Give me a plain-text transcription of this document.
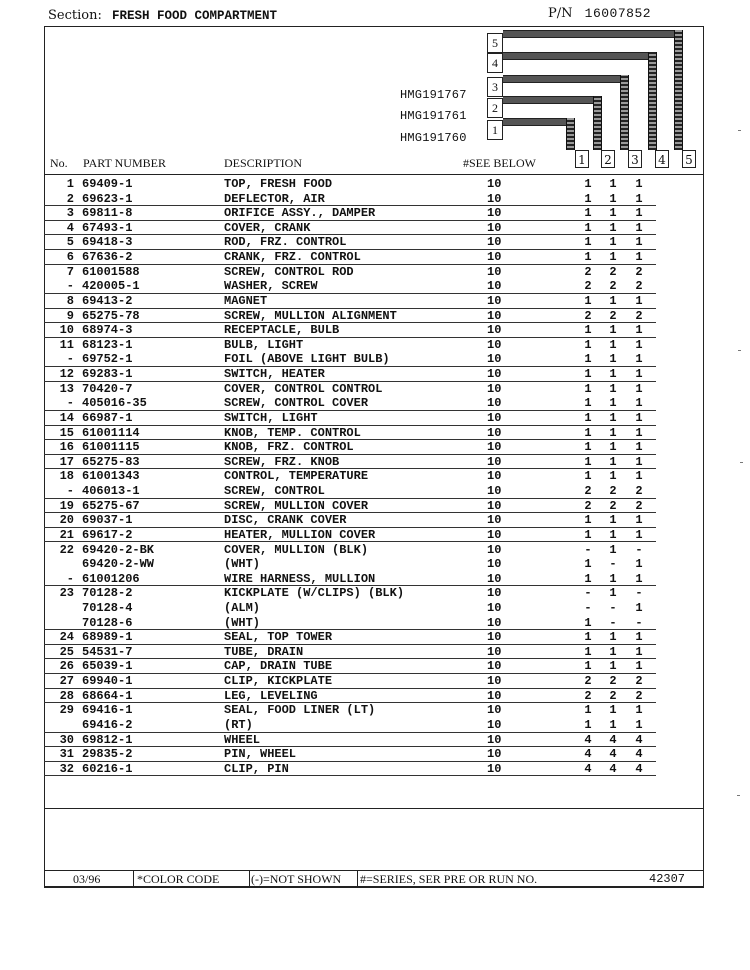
Section: FRESH FOOD COMPARTMENT	P/N 16007852
5
4
3
2
1
1 2 3 4 5
HMG191767
HMG191761
HMG191760
No. PART NUMBER	DESCRIPTION	#SEE BELOW
1 69409-1	TOP, FRESH FOOD	10	1 1 1
2 69623-1	DEFLECTOR, AIR	10	1 1 1
3 69811-8	ORIFICE ASSY., DAMPER	10	1 1 1
4 67493-1	COVER, CRANK	10	1 1 1
5 69418-3	ROD, FRZ. CONTROL	10	1 1 1
6 67636-2	CRANK, FRZ. CONTROL	10	1 1 1
7 61001588	SCREW, CONTROL ROD	10	2 2 2
- 420005-1	WASHER, SCREW	10	2 2 2
8 69413-2	MAGNET	10	1 1 1
9 65275-78	SCREW, MULLION ALIGNMENT	10	2 2 2
10 68974-3	RECEPTACLE, BULB	10	1 1 1
11 68123-1	BULB, LIGHT	10	1 1 1
- 69752-1	FOIL (ABOVE LIGHT BULB)	10	1 1 1
12 69283-1	SWITCH, HEATER	10	1 1 1
13 70420-7	COVER, CONTROL CONTROL	10	1 1 1
- 405016-35	SCREW, CONTROL COVER	10	1 1 1
14 66987-1	SWITCH, LIGHT	10	1 1 1
15 61001114	KNOB, TEMP. CONTROL	10	1 1 1
16 61001115	KNOB, FRZ. CONTROL	10	1 1 1
17 65275-83	SCREW, FRZ. KNOB	10	1 1 1
18 61001343	CONTROL, TEMPERATURE	10	1 1 1
- 406013-1	SCREW, CONTROL	10	2 2 2
19 65275-67	SCREW, MULLION COVER	10	2 2 2
20 69037-1	DISC, CRANK COVER	10	1 1 1
21 69617-2	HEATER, MULLION COVER	10	1 1 1
22 69420-2-BK	COVER, MULLION (BLK)	10	- 1 -
69420-2-WW	(WHT)	10	1 - 1
- 61001206	WIRE HARNESS, MULLION	10	1 1 1
23 70128-2	KICKPLATE (W/CLIPS) (BLK)	10	- 1 -
70128-4	(ALM)	10	- - 1
70128-6	(WHT)	10	1 - -
24 68989-1	SEAL, TOP TOWER	10	1 1 1
25 54531-7	TUBE, DRAIN	10	1 1 1
26 65039-1	CAP, DRAIN TUBE	10	1 1 1
27 69940-1	CLIP, KICKPLATE	10	2 2 2
28 68664-1	LEG, LEVELING	10	2 2 2
29 69416-1	SEAL, FOOD LINER (LT)	10	1 1 1
69416-2	(RT)	10	1 1 1
30 69812-1	WHEEL	10	4 4 4
31 29835-2	PIN, WHEEL	10	4 4 4
32 60216-1	CLIP, PIN	10	4 4 4
03/96	*COLOR CODE	(-)=NOT SHOWN #=SERIES, SER PRE OR RUN NO.	42307
